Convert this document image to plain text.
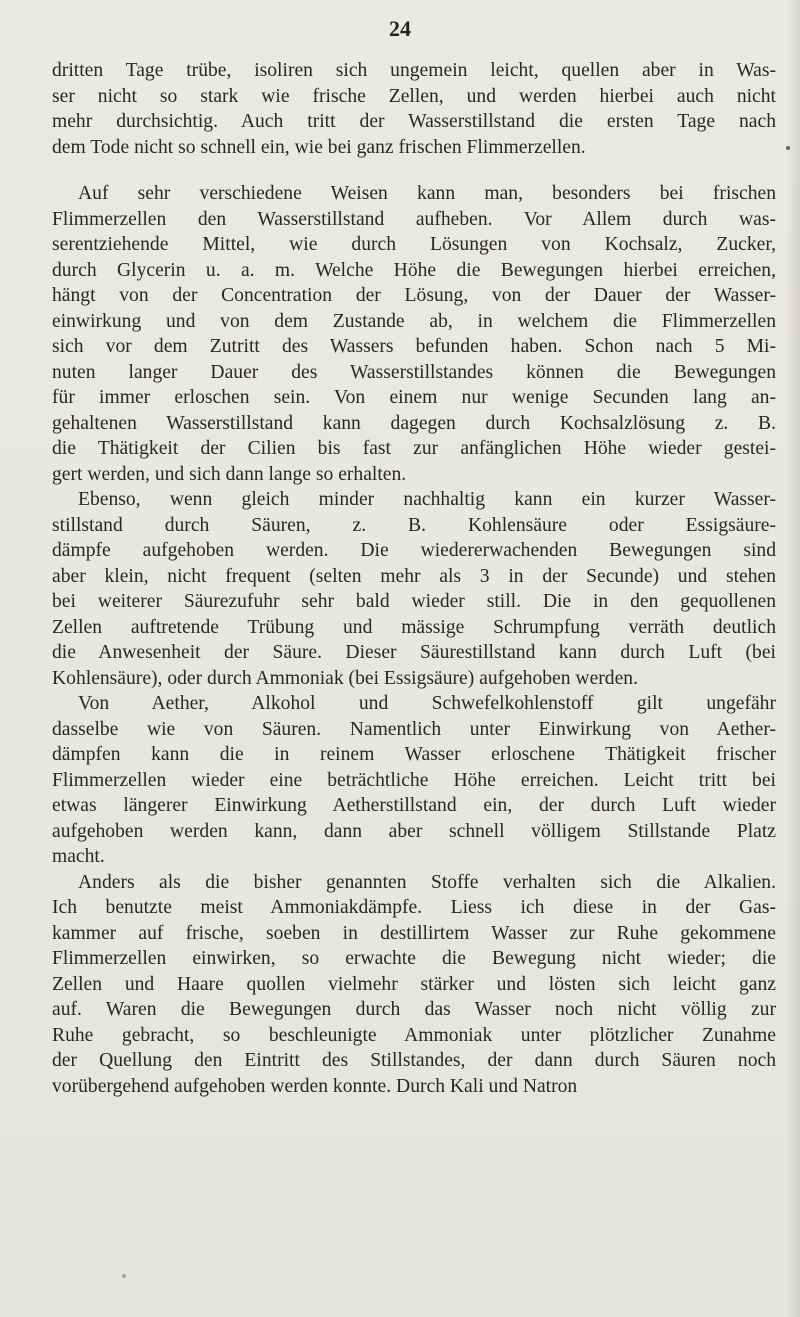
24

dritten Tage trübe, isoliren sich ungemein leicht, quellen aber in Was-
ser nicht so stark wie frische Zellen, und werden hierbei auch nicht
mehr durchsichtig. Auch tritt der Wasserstillstand die ersten Tage nach
dem Tode nicht so schnell ein, wie bei ganz frischen Flimmerzellen.

Auf sehr verschiedene Weisen kann man, besonders bei frischen
Flimmerzellen den Wasserstillstand aufheben. Vor Allem durch was-
serentziehende Mittel, wie durch Lösungen von Kochsalz, Zucker,
durch Glycerin u. a. m. Welche Höhe die Bewegungen hierbei erreichen,
hängt von der Concentration der Lösung, von der Dauer der Wasser-
einwirkung und von dem Zustande ab, in welchem die Flimmerzellen
sich vor dem Zutritt des Wassers befunden haben. Schon nach 5 Mi-
nuten langer Dauer des Wasserstillstandes können die Bewegungen
für immer erloschen sein. Von einem nur wenige Secunden lang an-
gehaltenen Wasserstillstand kann dagegen durch Kochsalzlösung z. B.
die Thätigkeit der Cilien bis fast zur anfänglichen Höhe wieder gestei-
gert werden, und sich dann lange so erhalten.

Ebenso, wenn gleich minder nachhaltig kann ein kurzer Wasser-
stillstand durch Säuren, z. B. Kohlensäure oder Essigsäure-
dämpfe aufgehoben werden. Die wiedererwachenden Bewegungen sind
aber klein, nicht frequent (selten mehr als 3 in der Secunde) und stehen
bei weiterer Säurezufuhr sehr bald wieder still. Die in den gequollenen
Zellen auftretende Trübung und mässige Schrumpfung verräth deutlich
die Anwesenheit der Säure. Dieser Säurestillstand kann durch Luft (bei
Kohlensäure), oder durch Ammoniak (bei Essigsäure) aufgehoben werden.

Von Aether, Alkohol und Schwefelkohlenstoff gilt ungefähr
dasselbe wie von Säuren. Namentlich unter Einwirkung von Aether-
dämpfen kann die in reinem Wasser erloschene Thätigkeit frischer
Flimmerzellen wieder eine beträchtliche Höhe erreichen. Leicht tritt bei
etwas längerer Einwirkung Aetherstillstand ein, der durch Luft wieder
aufgehoben werden kann, dann aber schnell völligem Stillstande Platz
macht.

Anders als die bisher genannten Stoffe verhalten sich die Alkalien.
Ich benutzte meist Ammoniakdämpfe. Liess ich diese in der Gas-
kammer auf frische, soeben in destillirtem Wasser zur Ruhe gekommene
Flimmerzellen einwirken, so erwachte die Bewegung nicht wieder; die
Zellen und Haare quollen vielmehr stärker und lösten sich leicht ganz
auf. Waren die Bewegungen durch das Wasser noch nicht völlig zur
Ruhe gebracht, so beschleunigte Ammoniak unter plötzlicher Zunahme
der Quellung den Eintritt des Stillstandes, der dann durch Säuren noch
vorübergehend aufgehoben werden konnte. Durch Kali und Natron
